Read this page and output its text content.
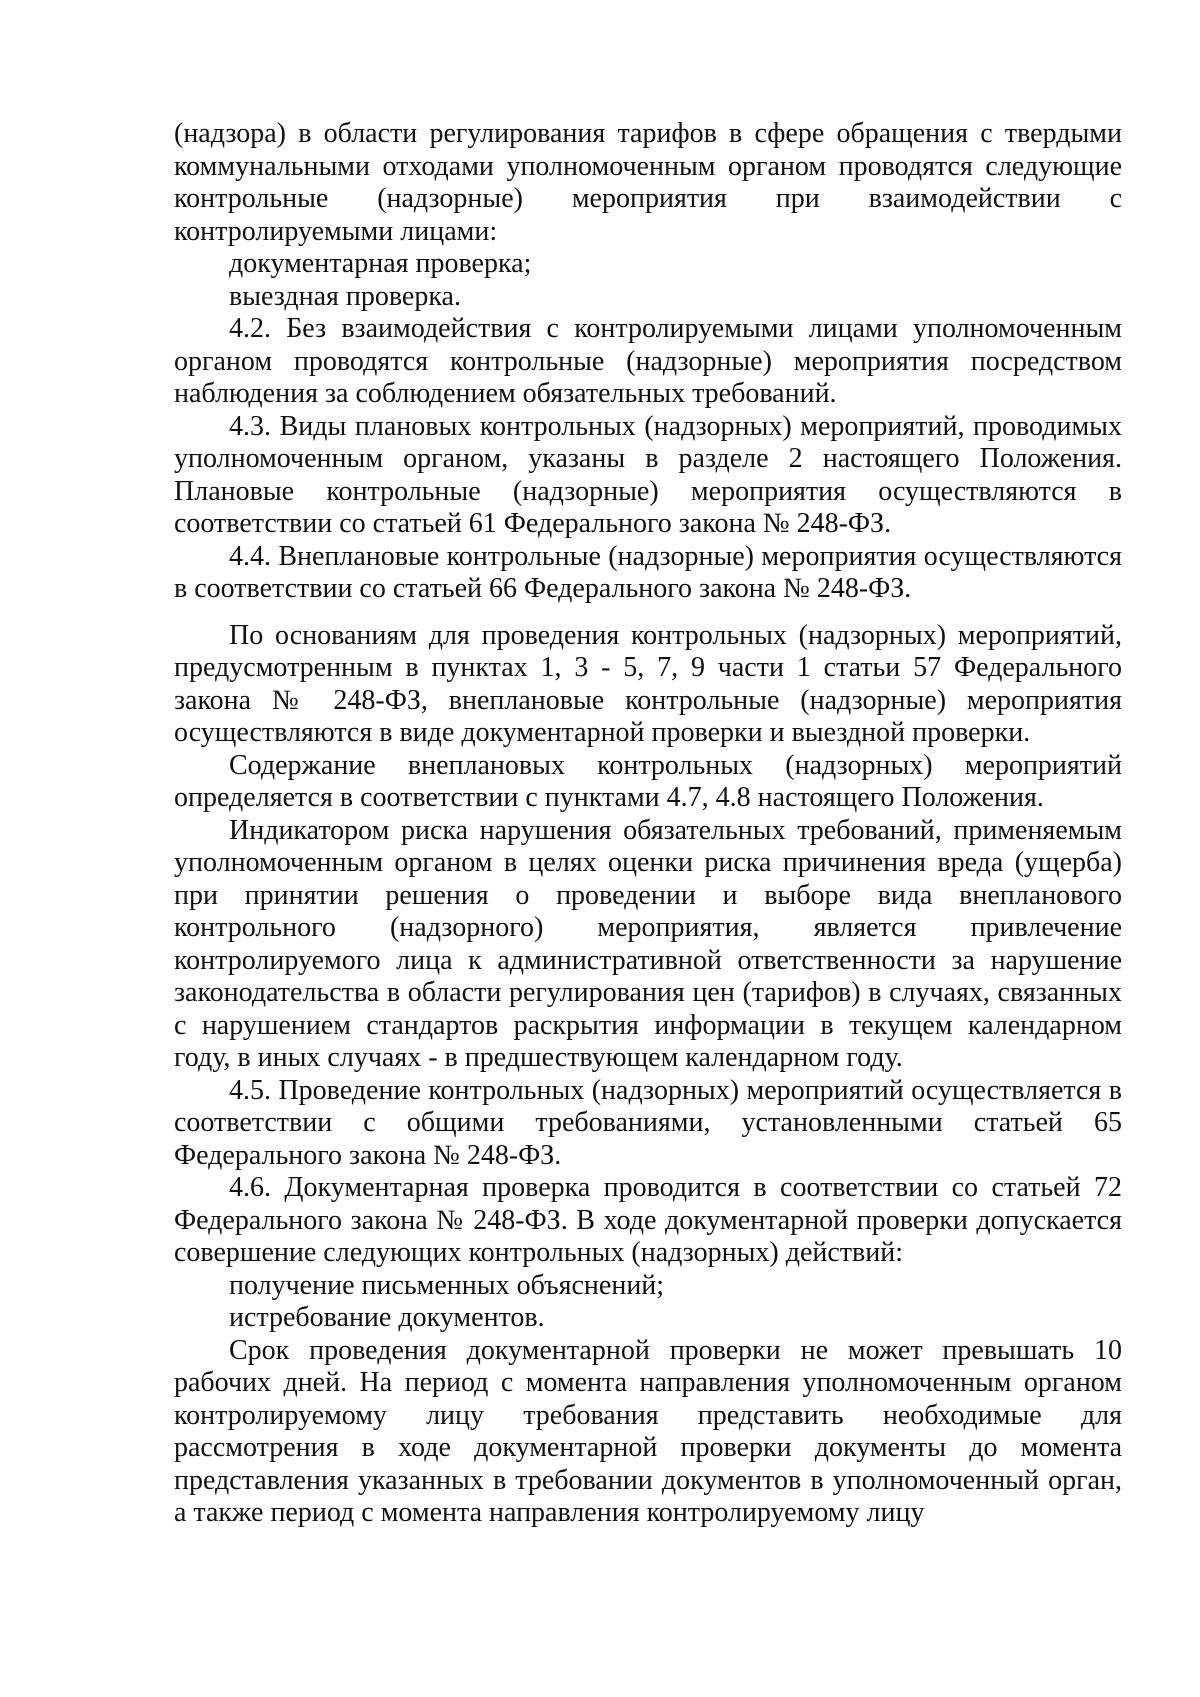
(надзора) в области регулирования тарифов в сфере обращения с твердыми коммунальными отходами уполномоченным органом проводятся следующие контрольные (надзорные) мероприятия при взаимодействии с контролируемыми лицами:

документарная проверка;

выездная проверка.

4.2. Без взаимодействия с контролируемыми лицами уполномоченным органом проводятся контрольные (надзорные) мероприятия посредством наблюдения за соблюдением обязательных требований.

4.3. Виды плановых контрольных (надзорных) мероприятий, проводимых уполномоченным органом, указаны в разделе 2 настоящего Положения. Плановые контрольные (надзорные) мероприятия осуществляются в соответствии со статьей 61 Федерального закона № 248-ФЗ.

4.4. Внеплановые контрольные (надзорные) мероприятия осуществляются в соответствии со статьей 66 Федерального закона № 248-ФЗ.

По основаниям для проведения контрольных (надзорных) мероприятий, предусмотренным в пунктах 1, 3 - 5, 7, 9 части 1 статьи 57 Федерального закона № 248-ФЗ, внеплановые контрольные (надзорные) мероприятия осуществляются в виде документарной проверки и выездной проверки.

Содержание внеплановых контрольных (надзорных) мероприятий определяется в соответствии с пунктами 4.7, 4.8 настоящего Положения.

Индикатором риска нарушения обязательных требований, применяемым уполномоченным органом в целях оценки риска причинения вреда (ущерба) при принятии решения о проведении и выборе вида внепланового контрольного (надзорного) мероприятия, является привлечение контролируемого лица к административной ответственности за нарушение законодательства в области регулирования цен (тарифов) в случаях, связанных с нарушением стандартов раскрытия информации в текущем календарном году, в иных случаях - в предшествующем календарном году.

4.5. Проведение контрольных (надзорных) мероприятий осуществляется в соответствии с общими требованиями, установленными статьей 65 Федерального закона № 248-ФЗ.

4.6. Документарная проверка проводится в соответствии со статьей 72 Федерального закона № 248-ФЗ. В ходе документарной проверки допускается совершение следующих контрольных (надзорных) действий:

получение письменных объяснений;

истребование документов.

Срок проведения документарной проверки не может превышать 10 рабочих дней. На период с момента направления уполномоченным органом контролируемому лицу требования представить необходимые для рассмотрения в ходе документарной проверки документы до момента представления указанных в требовании документов в уполномоченный орган, а также период с момента направления контролируемому лицу
